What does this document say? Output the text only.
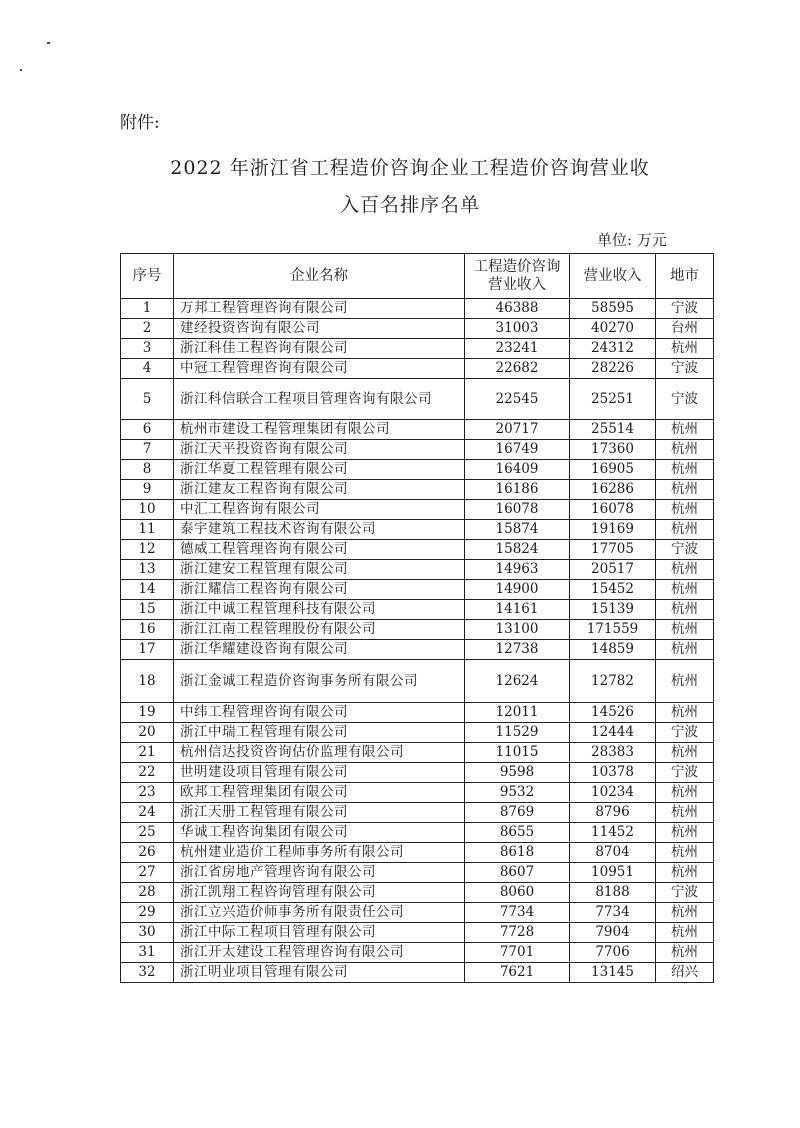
附件:
2022 年浙江省工程造价咨询企业工程造价咨询营业收
入百名排序名单
单位: 万元
序号	企业名称	工程造价咨询营业收入	营业收入	地市
1	万邦工程管理咨询有限公司	46388	58595	宁波
2	建经投资咨询有限公司	31003	40270	台州
3	浙江科佳工程咨询有限公司	23241	24312	杭州
4	中冠工程管理咨询有限公司	22682	28226	宁波
5	浙江科信联合工程项目管理咨询有限公司	22545	25251	宁波
6	杭州市建设工程管理集团有限公司	20717	25514	杭州
7	浙江天平投资咨询有限公司	16749	17360	杭州
8	浙江华夏工程管理有限公司	16409	16905	杭州
9	浙江建友工程咨询有限公司	16186	16286	杭州
10	中汇工程咨询有限公司	16078	16078	杭州
11	泰宇建筑工程技术咨询有限公司	15874	19169	杭州
12	德威工程管理咨询有限公司	15824	17705	宁波
13	浙江建安工程管理有限公司	14963	20517	杭州
14	浙江耀信工程咨询有限公司	14900	15452	杭州
15	浙江中诚工程管理科技有限公司	14161	15139	杭州
16	浙江江南工程管理股份有限公司	13100	171559	杭州
17	浙江华耀建设咨询有限公司	12738	14859	杭州
18	浙江金诚工程造价咨询事务所有限公司	12624	12782	杭州
19	中纬工程管理咨询有限公司	12011	14526	杭州
20	浙江中瑞工程管理有限公司	11529	12444	宁波
21	杭州信达投资咨询估价监理有限公司	11015	28383	杭州
22	世明建设项目管理有限公司	9598	10378	宁波
23	欧邦工程管理集团有限公司	9532	10234	杭州
24	浙江天册工程管理有限公司	8769	8796	杭州
25	华诚工程咨询集团有限公司	8655	11452	杭州
26	杭州建业造价工程师事务所有限公司	8618	8704	杭州
27	浙江省房地产管理咨询有限公司	8607	10951	杭州
28	浙江凯翔工程咨询管理有限公司	8060	8188	宁波
29	浙江立兴造价师事务所有限责任公司	7734	7734	杭州
30	浙江中际工程项目管理有限公司	7728	7904	杭州
31	浙江开太建设工程管理咨询有限公司	7701	7706	杭州
32	浙江明业项目管理有限公司	7621	13145	绍兴
